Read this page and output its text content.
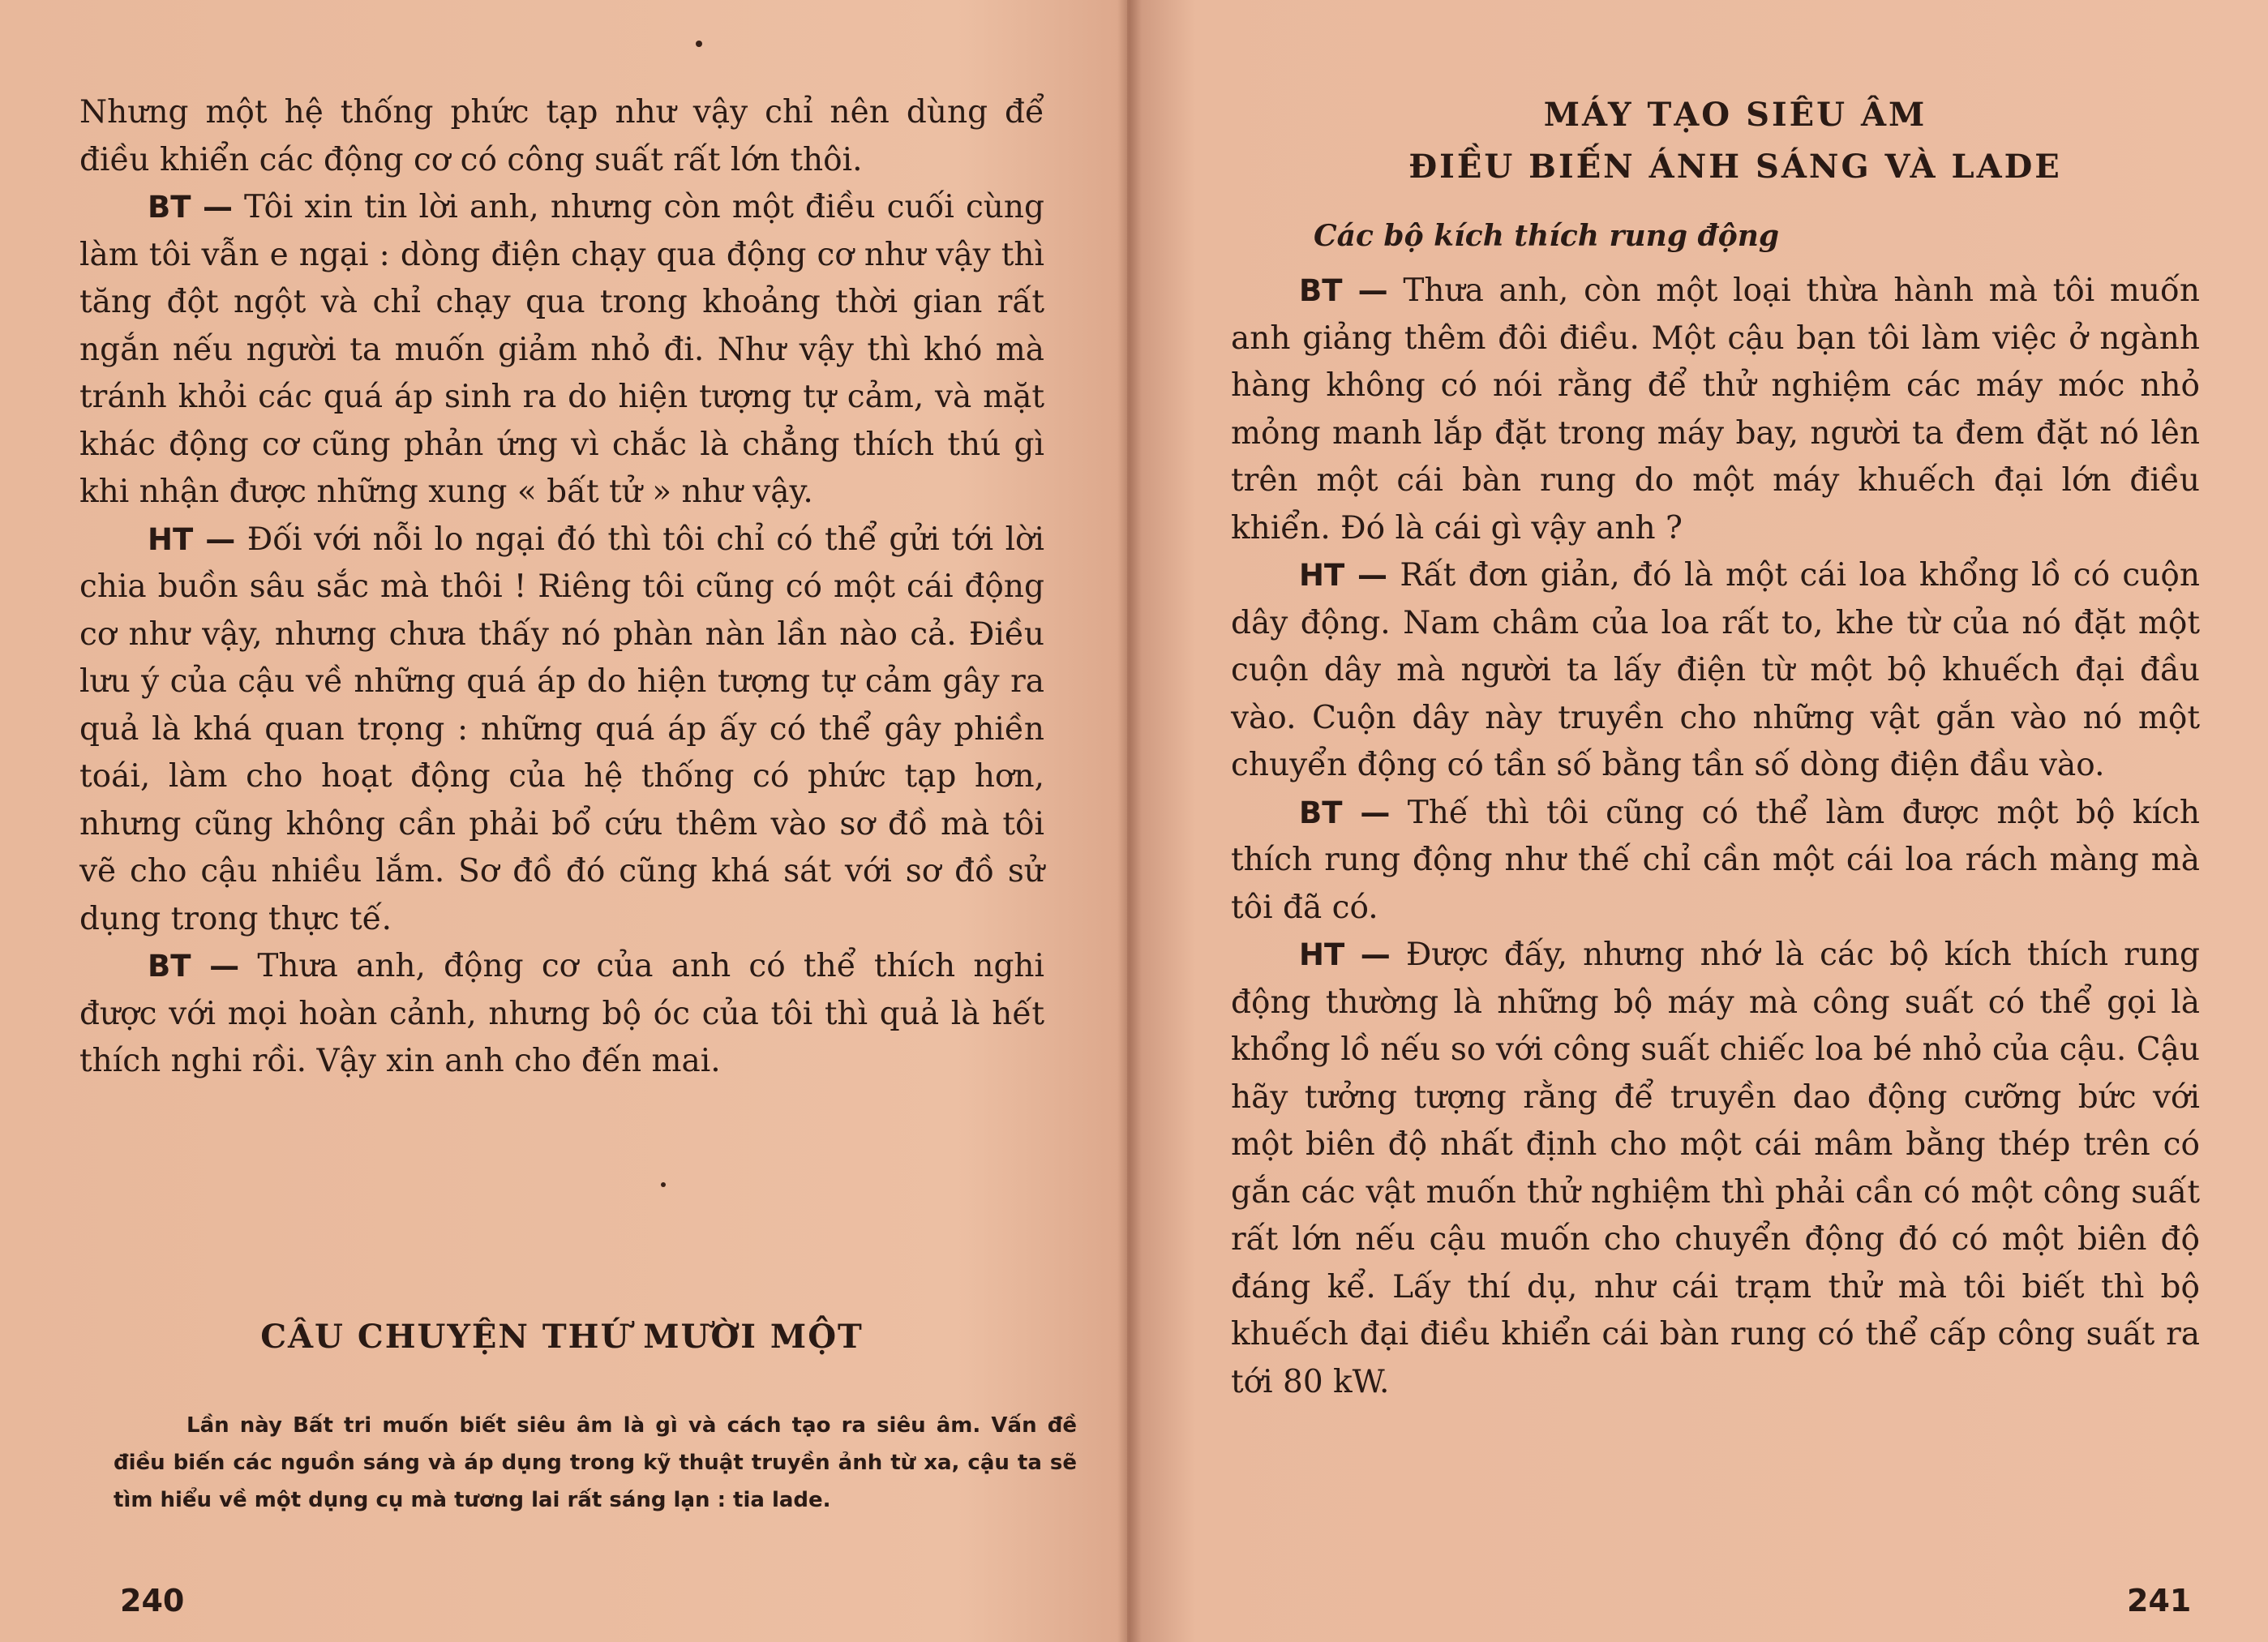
Nhưng một hệ thống phức tạp như vậy chỉ nên dùng để điều khiển các động cơ có công suất rất lớn thôi.

BT — Tôi xin tin lời anh, nhưng còn một điều cuối cùng làm tôi vẫn e ngại : dòng điện chạy qua động cơ như vậy thì tăng đột ngột và chỉ chạy qua trong khoảng thời gian rất ngắn nếu người ta muốn giảm nhỏ đi. Như vậy thì khó mà tránh khỏi các quá áp sinh ra do hiện tượng tự cảm, và mặt khác động cơ cũng phản ứng vì chắc là chẳng thích thú gì khi nhận được những xung « bất tử » như vậy.

HT — Đối với nỗi lo ngại đó thì tôi chỉ có thể gửi tới lời chia buồn sâu sắc mà thôi ! Riêng tôi cũng có một cái động cơ như vậy, nhưng chưa thấy nó phàn nàn lần nào cả. Điều lưu ý của cậu về những quá áp do hiện tượng tự cảm gây ra quả là khá quan trọng : những quá áp ấy có thể gây phiền toái, làm cho hoạt động của hệ thống có phức tạp hơn, nhưng cũng không cần phải bổ cứu thêm vào sơ đồ mà tôi vẽ cho cậu nhiều lắm. Sơ đồ đó cũng khá sát với sơ đồ sử dụng trong thực tế.

BT — Thưa anh, động cơ của anh có thể thích nghi được với mọi hoàn cảnh, nhưng bộ óc của tôi thì quả là hết thích nghi rồi. Vậy xin anh cho đến mai.

CÂU CHUYỆN THỨ MƯỜI MỘT

Lần này Bất tri muốn biết siêu âm là gì và cách tạo ra siêu âm. Vấn đề điều biến các nguồn sáng và áp dụng trong kỹ thuật truyền ảnh từ xa, cậu ta sẽ tìm hiểu về một dụng cụ mà tương lai rất sáng lạn : tia lade.

240
MÁY TẠO SIÊU ÂM
ĐIỀU BIẾN ÁNH SÁNG VÀ LADE
Các bộ kích thích rung động

BT — Thưa anh, còn một loại thừa hành mà tôi muốn anh giảng thêm đôi điều. Một cậu bạn tôi làm việc ở ngành hàng không có nói rằng để thử nghiệm các máy móc nhỏ mỏng manh lắp đặt trong máy bay, người ta đem đặt nó lên trên một cái bàn rung do một máy khuếch đại lớn điều khiển. Đó là cái gì vậy anh ?

HT — Rất đơn giản, đó là một cái loa khổng lồ có cuộn dây động. Nam châm của loa rất to, khe từ của nó đặt một cuộn dây mà người ta lấy điện từ một bộ khuếch đại đầu vào. Cuộn dây này truyền cho những vật gắn vào nó một chuyển động có tần số bằng tần số dòng điện đầu vào.

BT — Thế thì tôi cũng có thể làm được một bộ kích thích rung động như thế chỉ cần một cái loa rách màng mà tôi đã có.

HT — Được đấy, nhưng nhớ là các bộ kích thích rung động thường là những bộ máy mà công suất có thể gọi là khổng lồ nếu so với công suất chiếc loa bé nhỏ của cậu. Cậu hãy tưởng tượng rằng để truyền dao động cưỡng bức với một biên độ nhất định cho một cái mâm bằng thép trên có gắn các vật muốn thử nghiệm thì phải cần có một công suất rất lớn nếu cậu muốn cho chuyển động đó có một biên độ đáng kể. Lấy thí dụ, như cái trạm thử mà tôi biết thì bộ khuếch đại điều khiển cái bàn rung có thể cấp công suất ra tới 80 kW.

241
